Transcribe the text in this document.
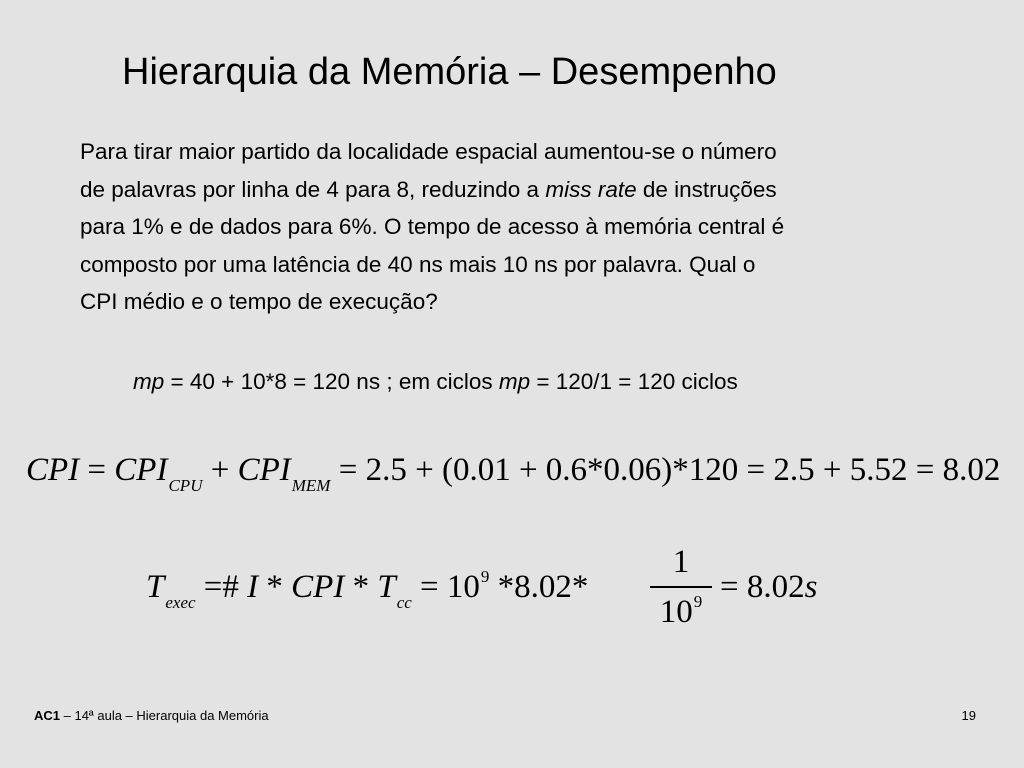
Hierarquia da Memória – Desempenho

Para tirar maior partido da localidade espacial aumentou-se o número
de palavras por linha de 4 para 8, reduzindo a miss rate de instruções
para 1% e de dados para 6%. O tempo de acesso à memória central é
composto por uma latência de 40 ns mais 10 ns por palavra. Qual o
CPI médio e o tempo de execução?

mp = 40 + 10*8 = 120 ns ; em ciclos mp = 120/1 = 120 ciclos
CPI = $CPI_{CPU} + CPI_{MEM} = 2.5 + (0.01 + 0.6*0.06)*120 = 2.5 + 5.52 = 8.02$
$T_{exec}$ =# I * CPI * $T_{cc} = 10^9$ *8.02*
1
$10^9 = 8.02s$
AC1 – 14ª aula – Hierarquia da Memória	19
